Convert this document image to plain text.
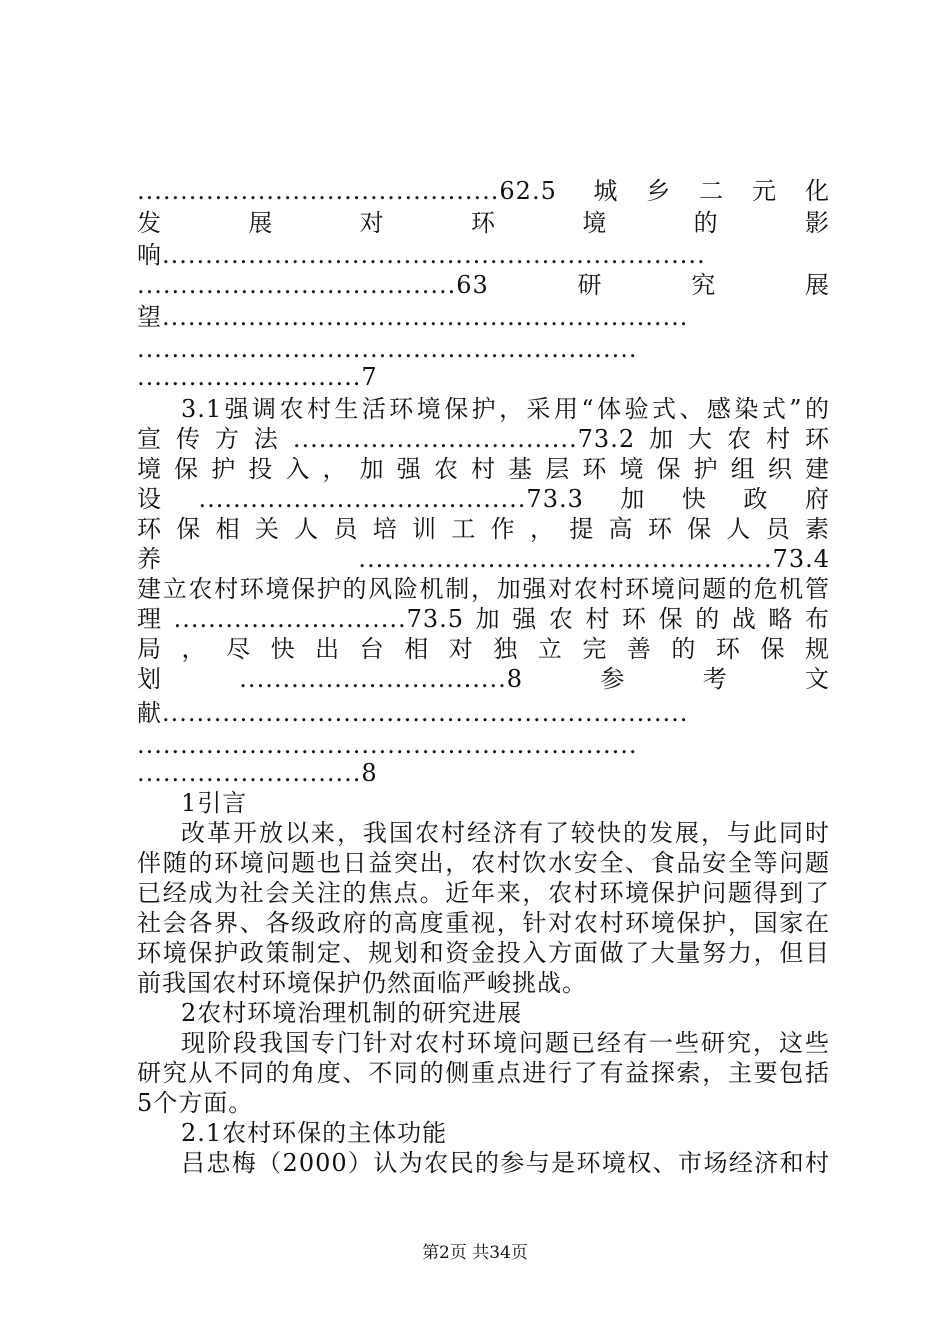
..........................................62.5 城乡二元化
发　　展　　对　　环　　境　　的　　影
响...............................................................
.....................................63　研　究　展
望.............................................................
..........................................................
..........................7
3.1强调农村生活环境保护，采用“体验式、感染式”的
宣传方法.................................73.2加大农村环
境保护投入，加强农村基层环境保护组织建
设......................................73.3加快政府
环保相关人员培训工作，提高环保人员素
养 ................................................73.4
建立农村环境保护的风险机制，加强对农村环境问题的危机管
理...........................73.5加强农村环保的战略布
局，尽快出台相对独立完善的环保规
划　...............................8　参　考　文
献.............................................................
..........................................................
..........................8
1引言
改革开放以来，我国农村经济有了较快的发展，与此同时
伴随的环境问题也日益突出，农村饮水安全、食品安全等问题
已经成为社会关注的焦点。近年来，农村环境保护问题得到了
社会各界、各级政府的高度重视，针对农村环境保护，国家在
环境保护政策制定、规划和资金投入方面做了大量努力，但目
前我国农村环境保护仍然面临严峻挑战。
2农村环境治理机制的研究进展
现阶段我国专门针对农村环境问题已经有一些研究，这些
研究从不同的角度、不同的侧重点进行了有益探索，主要包括
5个方面。
2.1农村环保的主体功能
吕忠梅（2000）认为农民的参与是环境权、市场经济和村
第2页 共34页
